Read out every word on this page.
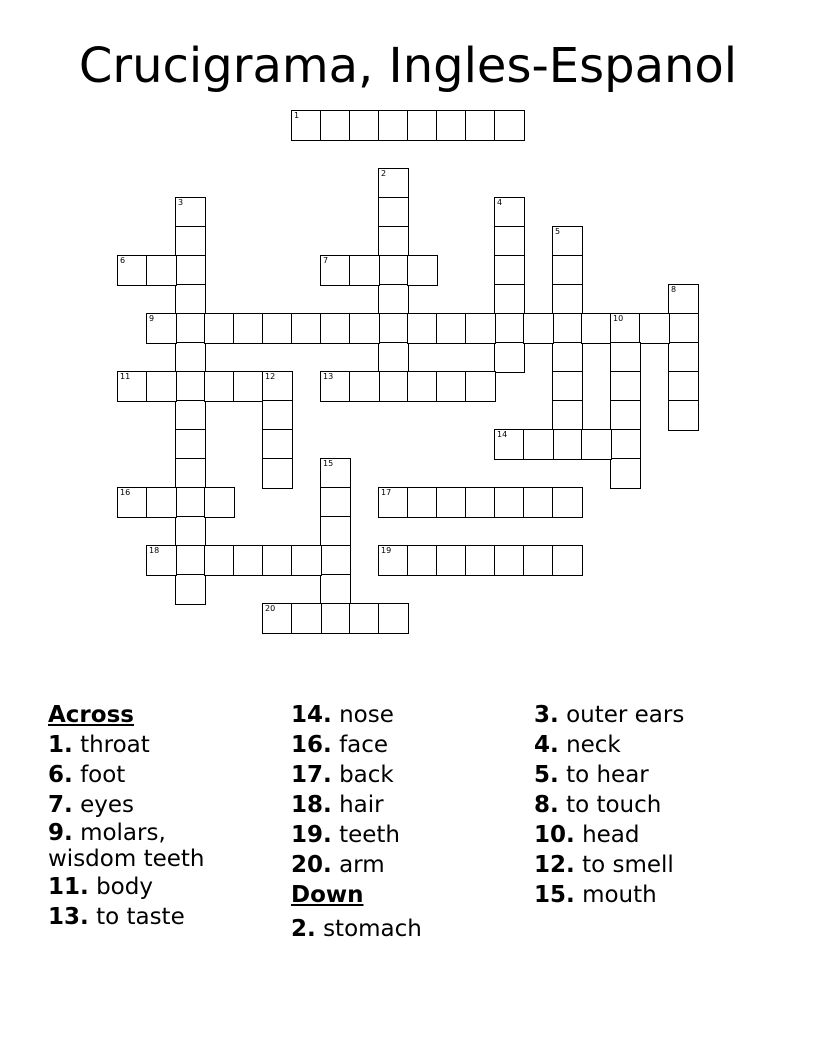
Crucigrama, Ingles-Espanol
1
2
3	4
5
6	7
8
9	10
11	12	13
14
15
16	17
18	19
20
Across
1. throat
6. foot
7. eyes
9. molars, wisdom teeth
11. body
13. to taste
14. nose
16. face
17. back
18. hair
19. teeth
20. arm
Down
2. stomach
3. outer ears
4. neck
5. to hear
8. to touch
10. head
12. to smell
15. mouth
